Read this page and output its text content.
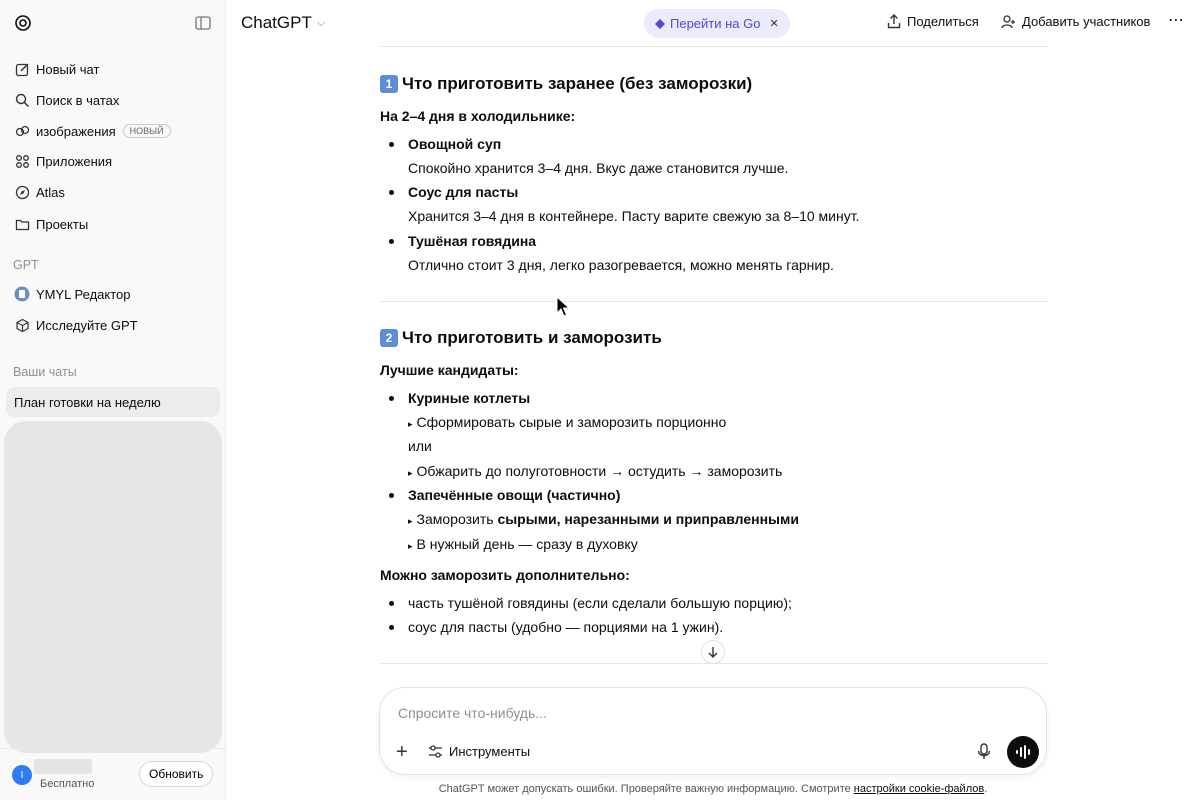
Новый чат
Поиск в чатах
изображения	НОВЫЙ
Приложения
Atlas
Проекты
GPT
YMYL Редактор
Исследуйте GPT
Ваши чаты
План готовки на неделю
I
Бесплатно
Обновить
ChatGPT ⌵	Перейти на Go ✕	Поделиться	Добавить участников ⋯
1 Что приготовить заранее (без заморозки)
На 2–4 дня в холодильнике:
Овощной суп
Спокойно хранится 3–4 дня. Вкус даже становится лучше.
Соус для пасты
Хранится 3–4 дня в контейнере. Пасту варите свежую за 8–10 минут.
Тушёная говядина
Отлично стоит 3 дня, легко разогревается, можно менять гарнир.
2 Что приготовить и заморозить
Лучшие кандидаты:
Куриные котлеты
▸ Сформировать сырые и заморозить порционно
или
▸ Обжарить до полуготовности → остудить → заморозить
Запечённые овощи (частично)
▸ Заморозить сырыми, нарезанными и приправленными
▸ В нужный день — сразу в духовку
Можно заморозить дополнительно:
часть тушёной говядины (если сделали большую порцию);
соус для пасты (удобно — порциями на 1 ужин).
Спросите что-нибудь...
+	Инструменты
ChatGPT может допускать ошибки. Проверяйте важную информацию. Смотрите настройки cookie-файлов.
